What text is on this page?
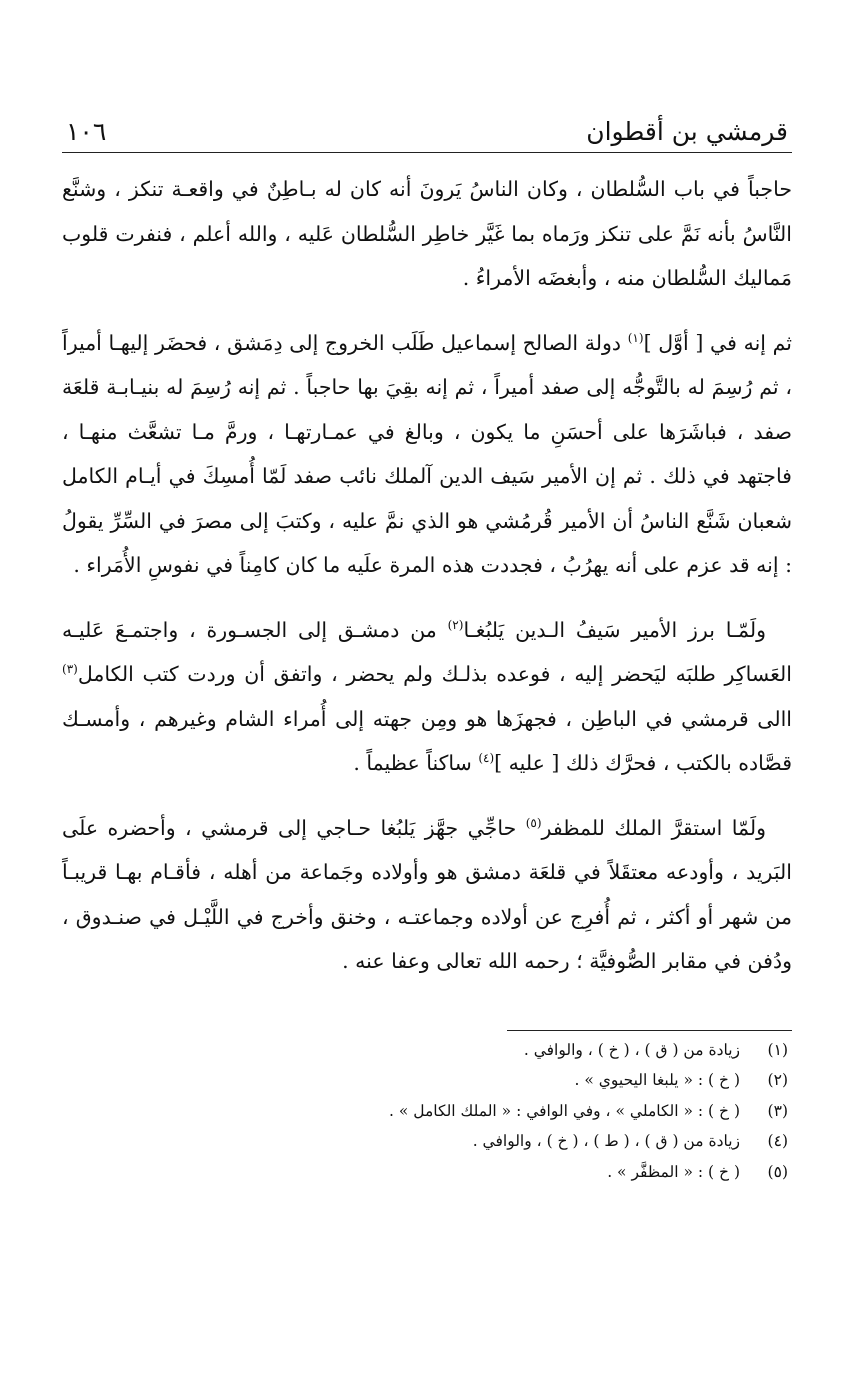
قرمشي بن أقطوان
١٠٦

حاجباً في باب السُّلطان ، وكان الناسُ يَرونَ أنه كان له بـاطِنٌ في واقعـة تنكز ، وشنَّع النَّاسُ بأنه نَمَّ على تنكز ورَماه بما غَيَّر خاطِر السُّلطان عَليه ، والله أعلم ، فنفرت قلوب مَماليك السُّلطان منه ، وأبغضَه الأمراءُ .

ثم إنه في [ أوَّل ]$^{(١)}$ دولة الصالح إسماعيل طَلَب الخروج إلى دِمَشق ، فحضَر إليهـا أميراً ، ثم رُسِمَ له بالتَّوجُّه إلى صفد أميراً ، ثم إنه بقِيَ بها حاجباً . ثم إنه رُسِمَ له بنيـابـة قلعَة صفد ، فباشَرَها على أحسَنِ ما يكون ، وبالغ في عمـارتهـا ، ورمَّ مـا تشعَّث منهـا ، فاجتهد في ذلك . ثم إن الأمير سَيف الدين آلملك نائب صفد لَمّا أُمسِكَ في أيـام الكامل شعبان شَنَّع الناسُ أن الأمير قُرمُشي هو الذي نمَّ عليه ، وكتبَ إلى مصرَ في السِّرِّ يقولُ : إنه قد عزم على أنه يهرُبُ ، فجددت هذه المرة علَيه ما كان كامِناً في نفوسِ الأُمَراء .

ولَمّـا برز الأمير سَيفُ الـدين يَلبُغـا$^{(٢)}$ من دمشـق إلى الجسـورة ، واجتمـعَ عَليـه العَساكِر طلبَه ليَحضر إليه ، فوعده بذلـك ولم يحضر ، واتفق أن وردت كتب الكامل$^{(٣)}$ االى قرمشي في الباطِن ، فجهزَها هو ومِن جهته إلى أُمراء الشام وغيرهم ، وأمسـك قصَّاده بالكتب ، فحرَّك ذلك [ عليه ]$^{(٤)}$ ساكناً عظيماً .

ولَمّا استقرَّ الملك للمظفر$^{(٥)}$ حاجِّي جهَّز يَلبُغا حـاجي إلى قرمشي ، وأحضره علَى البَريد ، وأودعه معتقَلاً في قلعَة دمشق هو وأولاده وجَماعة من أهله ، فأقـام بهـا قريبـاً من شهر أو أكثر ، ثم أُفرِج عن أولاده وجماعتـه ، وخنق وأخرج في اللَّيْـل في صنـدوق ، ودُفن في مقابر الصُّوفيَّة ؛ رحمه الله تعالى وعفا عنه .

(١)
زيادة من ( ق ) ، ( خ ) ، والوافي .
(٢)
( خ ) : « يلبغا اليحيوي » .
(٣)
( خ ) : « الكاملي » ، وفي الوافي : « الملك الكامل » .
(٤)
زيادة من ( ق ) ، ( ط ) ، ( خ ) ، والوافي .
(٥)
( خ ) : « المظفَّر » .
